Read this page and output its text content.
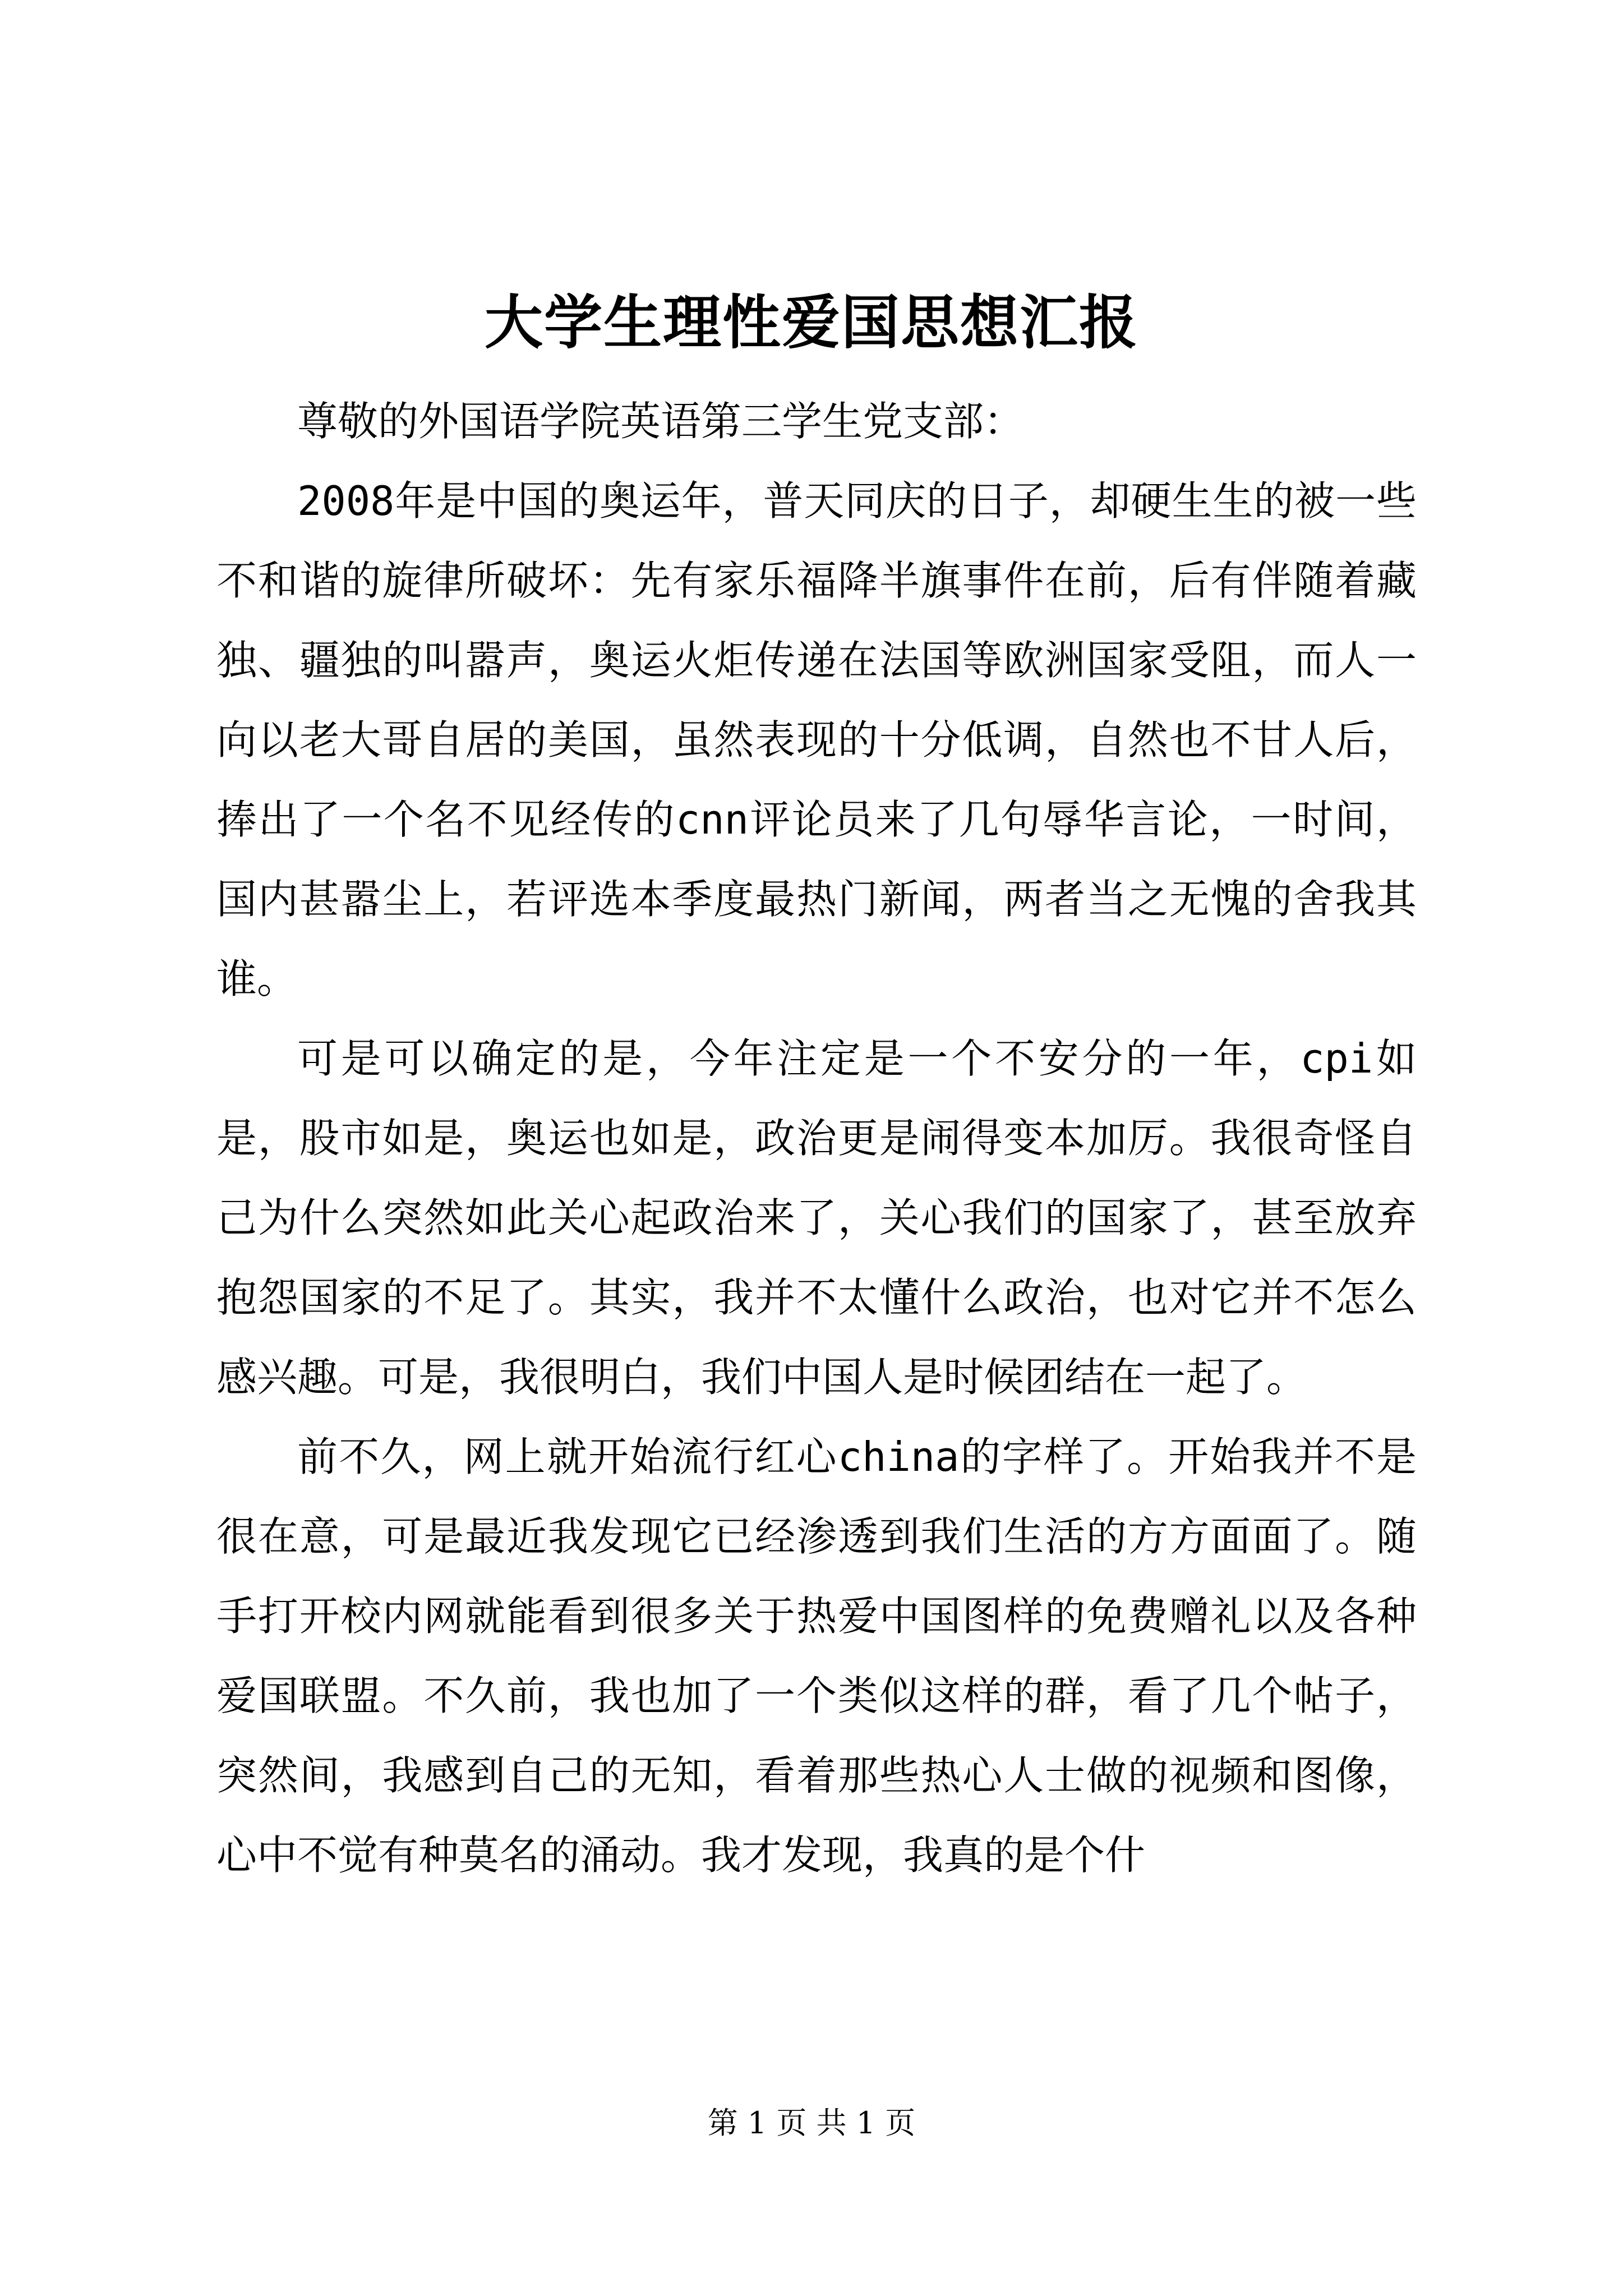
大学生理性爱国思想汇报

尊敬的外国语学院英语第三学生党支部：

2008年是中国的奥运年，普天同庆的日子，却硬生生的被一些不和谐的旋律所破坏：先有家乐福降半旗事件在前，后有伴随着藏独、疆独的叫嚣声，奥运火炬传递在法国等欧洲国家受阻，而人一向以老大哥自居的美国，虽然表现的十分低调，自然也不甘人后，捧出了一个名不见经传的cnn评论员来了几句辱华言论，一时间，国内甚嚣尘上，若评选本季度最热门新闻，两者当之无愧的舍我其谁。

可是可以确定的是，今年注定是一个不安分的一年，cpi如是，股市如是，奥运也如是，政治更是闹得变本加厉。我很奇怪自己为什么突然如此关心起政治来了，关心我们的国家了，甚至放弃抱怨国家的不足了。其实，我并不太懂什么政治，也对它并不怎么感兴趣。可是，我很明白，我们中国人是时候团结在一起了。

前不久，网上就开始流行红心china的字样了。开始我并不是很在意，可是最近我发现它已经渗透到我们生活的方方面面了。随手打开校内网就能看到很多关于热爱中国图样的免费赠礼以及各种爱国联盟。不久前，我也加了一个类似这样的群，看了几个帖子，突然间，我感到自己的无知，看着那些热心人士做的视频和图像，心中不觉有种莫名的涌动。我才发现，我真的是个什

第 1 页 共 1 页
